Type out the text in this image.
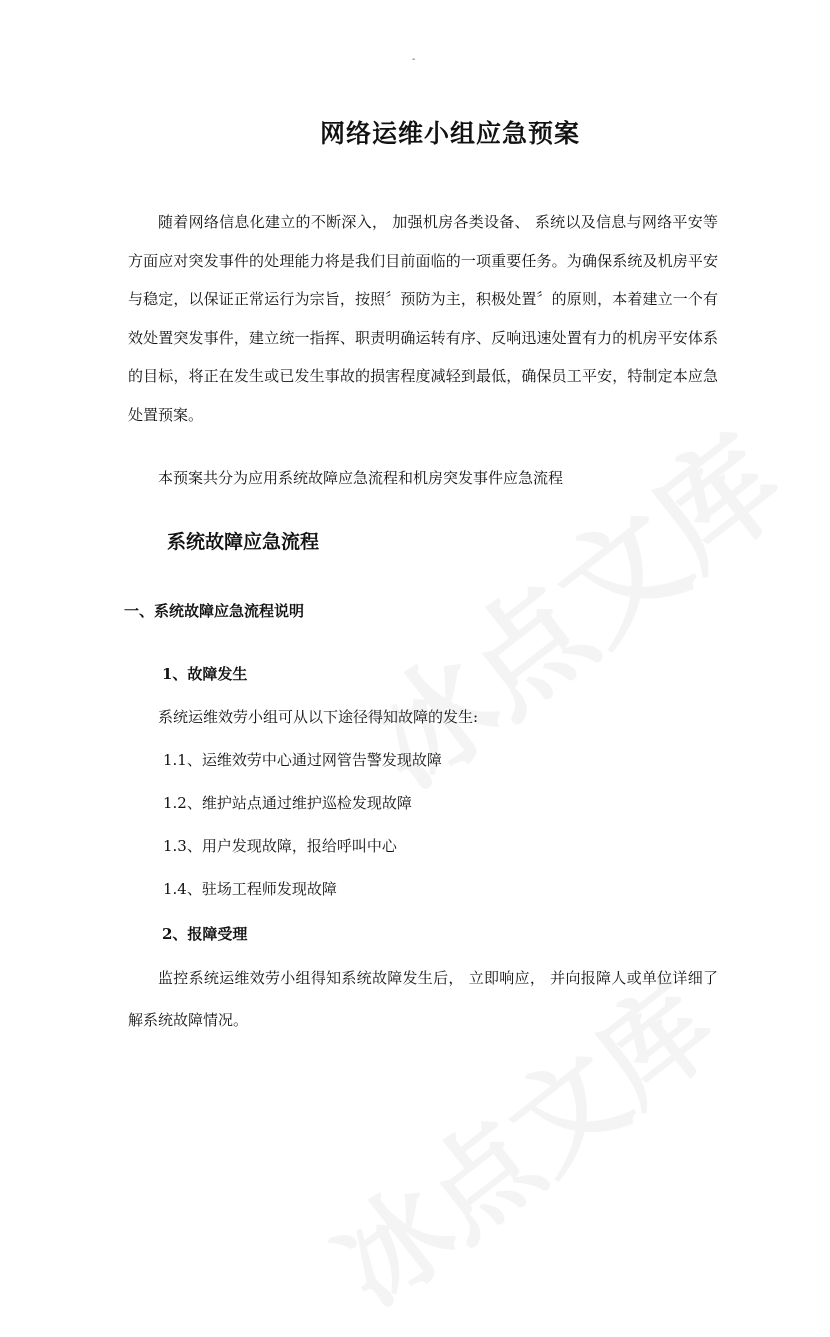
-
网络运维小组应急预案

随着网络信息化建立的不断深入， 加强机房各类设备、 系统以及信息与网络平安等方面应对突发事件的处理能力将是我们目前面临的一项重要任务。为确保系统及机房平安与稳定，以保证正常运行为宗旨，按照〞预防为主，积极处置〞的原则，本着建立一个有效处置突发事件，建立统一指挥、职责明确运转有序、反响迅速处置有力的机房平安体系的目标，将正在发生或已发生事故的损害程度减轻到最低，确保员工平安，特制定本应急处置预案。

本预案共分为应用系统故障应急流程和机房突发事件应急流程

系统故障应急流程
一、系统故障应急流程说明
1、故障发生

系统运维效劳小组可从以下途径得知故障的发生:

1.1、运维效劳中心通过网管告警发现故障

1.2、维护站点通过维护巡检发现故障

1.3、用户发现故障，报给呼叫中心

1.4、驻场工程师发现故障

2、报障受理

监控系统运维效劳小组得知系统故障发生后， 立即响应， 并向报障人或单位详细了解系统故障情况。
